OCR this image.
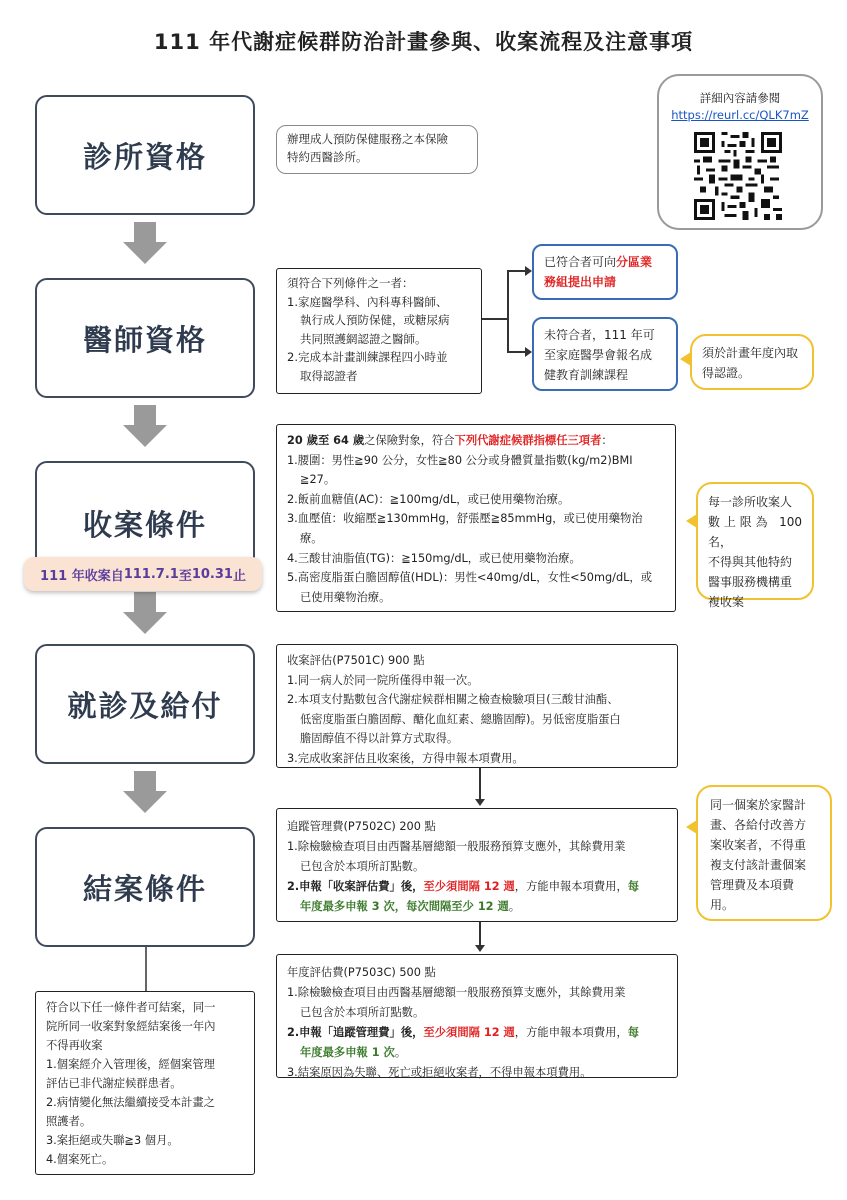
111 年代謝症候群防治計畫參與、收案流程及注意事項
詳細內容請參閱
https://reurl.cc/QLK7mZ
診所資格
醫師資格
收案條件
就診及給付
結案條件
111 年收案自 111.7.1 至 10.31 止
辦理成人預防保健服務之本保險
特約西醫診所。
須符合下列條件之一者：
1.家庭醫學科、內科專科醫師、
執行成人預防保健，或糖尿病
共同照護網認證之醫師。
2.完成本計畫訓練課程四小時並
取得認證者
已符合者可向分區業
務組提出申請
未符合者，111 年可
至家庭醫學會報名成
健教育訓練課程
須於計畫年度內取
得認證。
20 歲至 64 歲之保險對象，符合下列代謝症候群指標任三項者：
1.腰圍：男性≧90 公分，女性≧80 公分或身體質量指數(kg/m2)BMI
≧27。
2.飯前血糖值(AC)：≧100mg/dL，或已使用藥物治療。
3.血壓值：收縮壓≧130mmHg，舒張壓≧85mmHg，或已使用藥物治
療。
4.三酸甘油脂值(TG)：≧150mg/dL，或已使用藥物治療。
5.高密度脂蛋白膽固醇值(HDL)：男性<40mg/dL，女性<50mg/dL，或
已使用藥物治療。
每一診所收案人
數上限為 100 名，
不得與其他特約
醫事服務機構重
複收案
收案評估(P7501C) 900 點
1.同一病人於同一院所僅得申報一次。
2.本項支付點數包含代謝症候群相關之檢查檢驗項目(三酸甘油酯、
低密度脂蛋白膽固醇、醣化血紅素、總膽固醇)。另低密度脂蛋白
膽固醇值不得以計算方式取得。
3.完成收案評估且收案後，方得申報本項費用。
追蹤管理費(P7502C) 200 點
1.除檢驗檢查項目由西醫基層總額一般服務預算支應外，其餘費用業
已包含於本項所訂點數。
2.申報「收案評估費」後，至少須間隔 12 週，方能申報本項費用，每
年度最多申報 3 次，每次間隔至少 12 週。
同一個案於家醫計
畫、各給付改善方
案收案者，不得重
複支付該計畫個案
管理費及本項費
用。
年度評估費(P7503C) 500 點
1.除檢驗檢查項目由西醫基層總額一般服務預算支應外，其餘費用業
已包含於本項所訂點數。
2.申報「追蹤管理費」後，至少須間隔 12 週，方能申報本項費用，每
年度最多申報 1 次。
3.結案原因為失聯、死亡或拒絕收案者，不得申報本項費用。
符合以下任一條件者可結案，同一
院所同一收案對象經結案後一年內
不得再收案
1.個案經介入管理後，經個案管理
評估已非代謝症候群患者。
2.病情變化無法繼續接受本計畫之
照護者。
3.案拒絕或失聯≧3 個月。
4.個案死亡。
